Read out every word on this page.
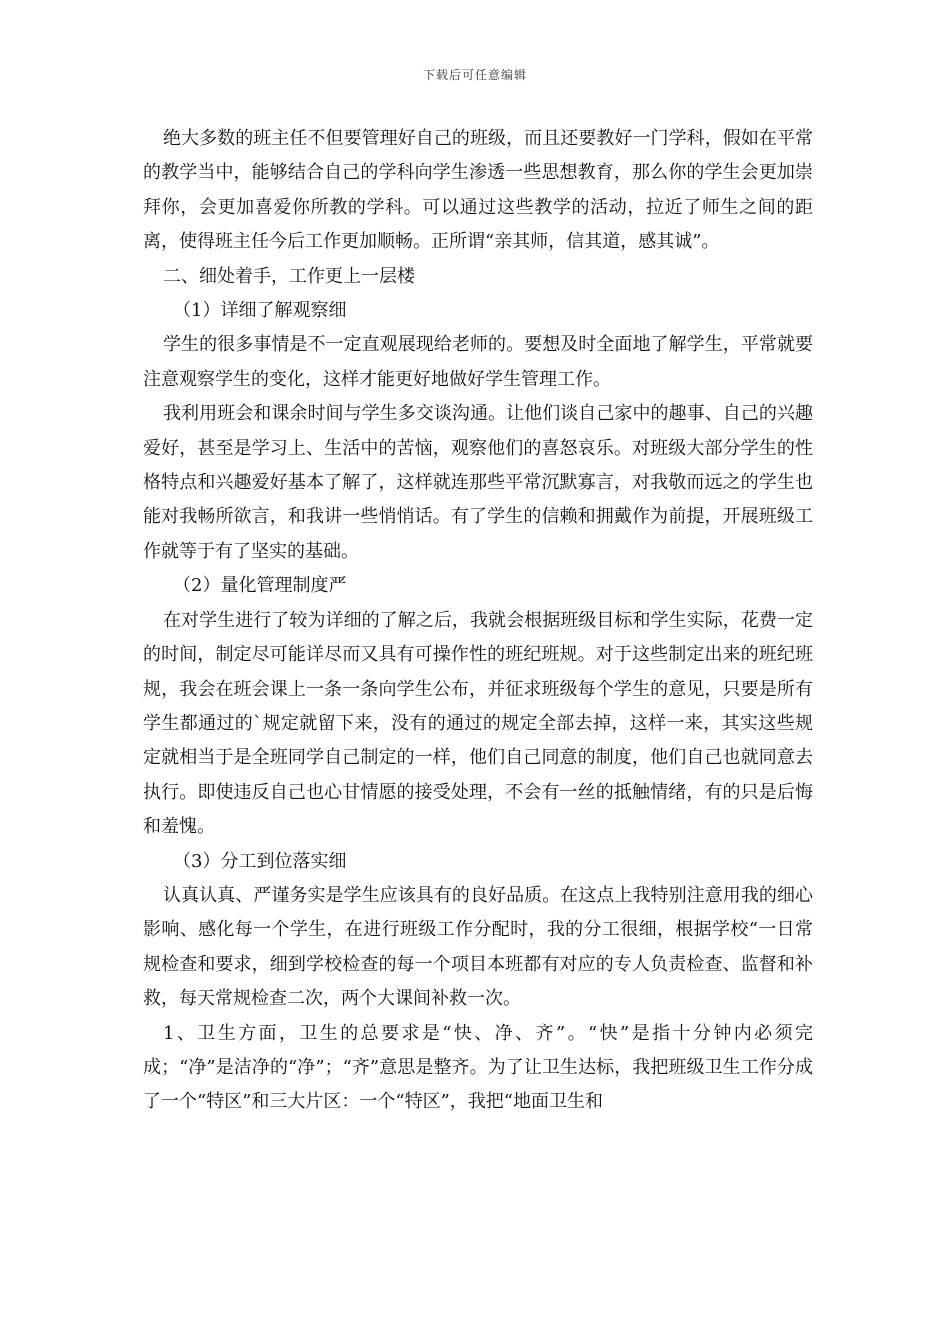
下载后可任意编辑

绝大多数的班主任不但要管理好自己的班级，而且还要教好一门学科，假如在平常的教学当中，能够结合自己的学科向学生渗透一些思想教育，那么你的学生会更加崇拜你，会更加喜爱你所教的学科。可以通过这些教学的活动，拉近了师生之间的距离，使得班主任今后工作更加顺畅。正所谓“亲其师，信其道，感其诚”。

二、细处着手，工作更上一层楼

（1）详细了解观察细

学生的很多事情是不一定直观展现给老师的。要想及时全面地了解学生，平常就要注意观察学生的变化，这样才能更好地做好学生管理工作。

我利用班会和课余时间与学生多交谈沟通。让他们谈自己家中的趣事、自己的兴趣爱好，甚至是学习上、生活中的苦恼，观察他们的喜怒哀乐。对班级大部分学生的性格特点和兴趣爱好基本了解了，这样就连那些平常沉默寡言，对我敬而远之的学生也能对我畅所欲言，和我讲一些悄悄话。有了学生的信赖和拥戴作为前提，开展班级工作就等于有了坚实的基础。

（2）量化管理制度严

在对学生进行了较为详细的了解之后，我就会根据班级目标和学生实际，花费一定的时间，制定尽可能详尽而又具有可操作性的班纪班规。对于这些制定出来的班纪班规，我会在班会课上一条一条向学生公布，并征求班级每个学生的意见，只要是所有学生都通过的`规定就留下来，没有的通过的规定全部去掉，这样一来，其实这些规定就相当于是全班同学自己制定的一样，他们自己同意的制度，他们自己也就同意去执行。即使违反自己也心甘情愿的接受处理，不会有一丝的抵触情绪，有的只是后悔和羞愧。

（3）分工到位落实细

认真认真、严谨务实是学生应该具有的良好品质。在这点上我特别注意用我的细心影响、感化每一个学生，在进行班级工作分配时，我的分工很细，根据学校“一日常规检查和要求，细到学校检查的每一个项目本班都有对应的专人负责检查、监督和补救，每天常规检查二次，两个大课间补救一次。

1、卫生方面，卫生的总要求是“快、净、齐”。“快”是指十分钟内必须完成；“净”是洁净的“净”；“齐”意思是整齐。为了让卫生达标，我把班级卫生工作分成了一个“特区”和三大片区：一个“特区”，我把“地面卫生和
